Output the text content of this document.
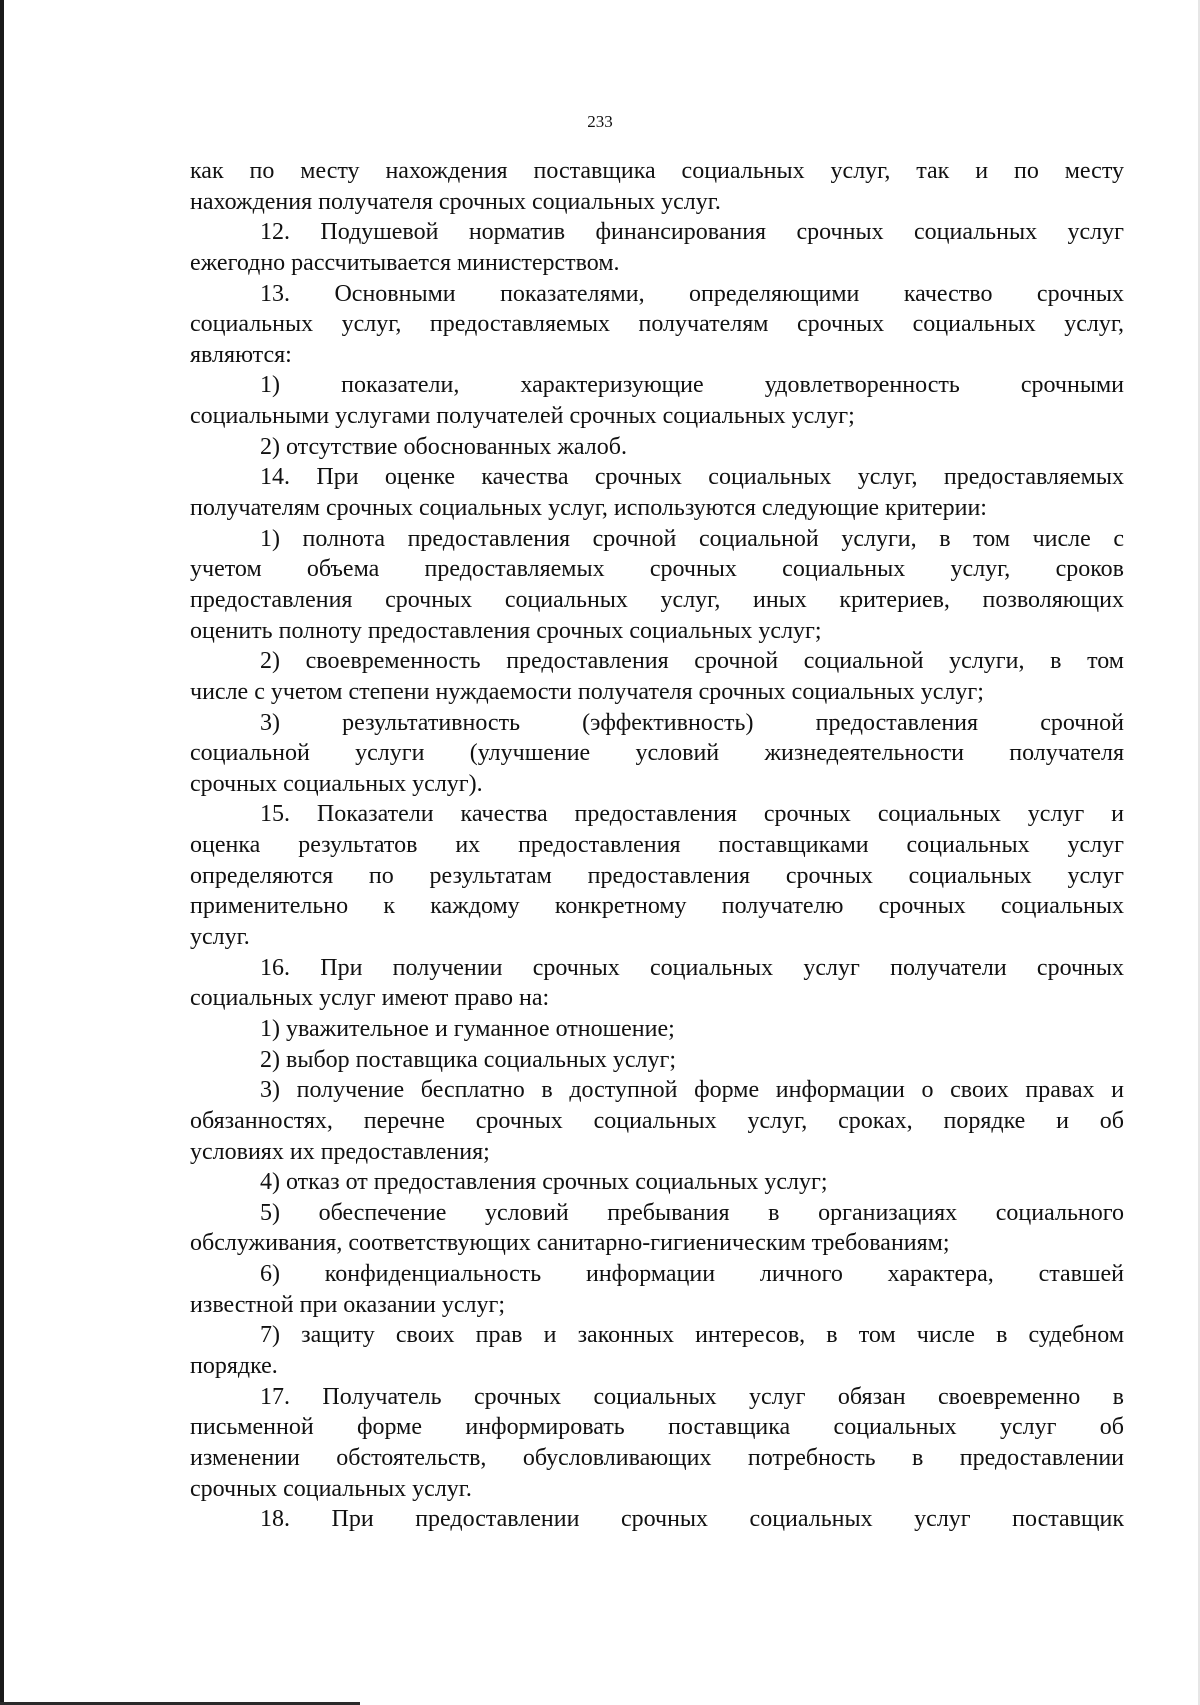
233
как по месту нахождения поставщика социальных услуг, так и по месту
нахождения получателя срочных социальных услуг.
12. Подушевой норматив финансирования срочных социальных услуг
ежегодно рассчитывается министерством.
13. Основными показателями, определяющими качество срочных
социальных услуг, предоставляемых получателям срочных социальных услуг,
являются:
1) показатели, характеризующие удовлетворенность срочными
социальными услугами получателей срочных социальных услуг;
2) отсутствие обоснованных жалоб.
14. При оценке качества срочных социальных услуг, предоставляемых
получателям срочных социальных услуг, используются следующие критерии:
1) полнота предоставления срочной социальной услуги, в том числе с
учетом объема предоставляемых срочных социальных услуг, сроков
предоставления срочных социальных услуг, иных критериев, позволяющих
оценить полноту предоставления срочных социальных услуг;
2) своевременность предоставления срочной социальной услуги, в том
числе с учетом степени нуждаемости получателя срочных социальных услуг;
3) результативность (эффективность) предоставления срочной
социальной услуги (улучшение условий жизнедеятельности получателя
срочных социальных услуг).
15. Показатели качества предоставления срочных социальных услуг и
оценка результатов их предоставления поставщиками социальных услуг
определяются по результатам предоставления срочных социальных услуг
применительно к каждому конкретному получателю срочных социальных
услуг.
16. При получении срочных социальных услуг получатели срочных
социальных услуг имеют право на:
1) уважительное и гуманное отношение;
2) выбор поставщика социальных услуг;
3) получение бесплатно в доступной форме информации о своих правах и
обязанностях, перечне срочных социальных услуг, сроках, порядке и об
условиях их предоставления;
4) отказ от предоставления срочных социальных услуг;
5) обеспечение условий пребывания в организациях социального
обслуживания, соответствующих санитарно-гигиеническим требованиям;
6) конфиденциальность информации личного характера, ставшей
известной при оказании услуг;
7) защиту своих прав и законных интересов, в том числе в судебном
порядке.
17. Получатель срочных социальных услуг обязан своевременно в
письменной форме информировать поставщика социальных услуг об
изменении обстоятельств, обусловливающих потребность в предоставлении
срочных социальных услуг.
18. При предоставлении срочных социальных услуг поставщик
